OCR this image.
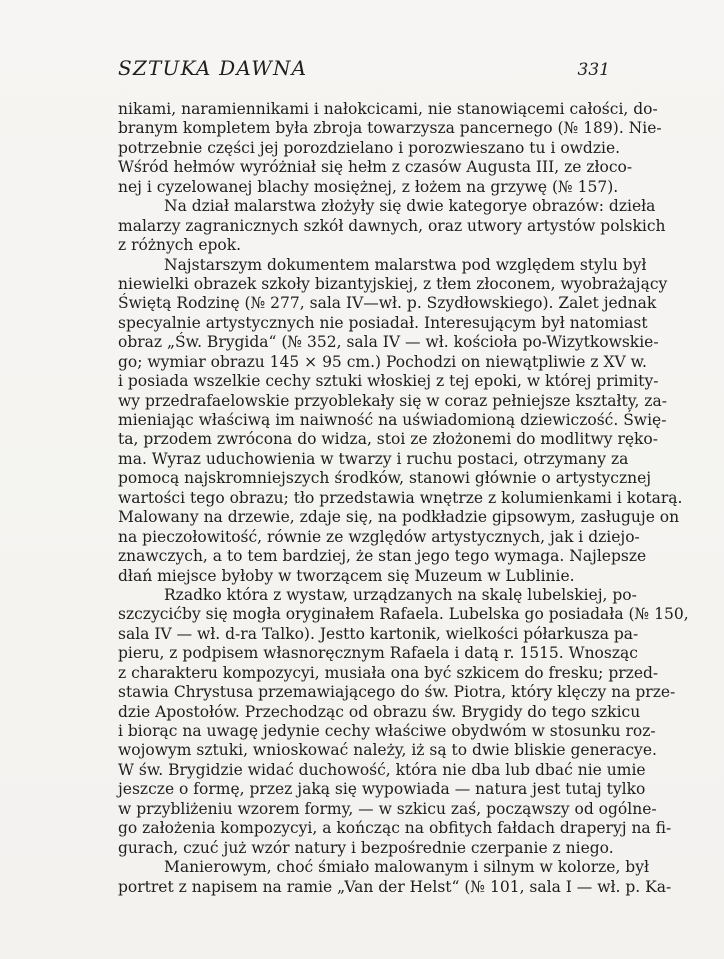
SZTUKA DAWNA	331
nikami, naramiennikami i nałokcicami, nie stanowiącemi całości, do-
branym kompletem była zbroja towarzysza pancernego (№ 189). Nie-
potrzebnie części jej porozdzielano i porozwieszano tu i owdzie.
Wśród hełmów wyróżniał się hełm z czasów Augusta III, ze złoco-
nej i cyzelowanej blachy mosiężnej, z łożem na grzywę (№ 157).
Na dział malarstwa złożyły się dwie kategorye obrazów: dzieła
malarzy zagranicznych szkół dawnych, oraz utwory artystów polskich
z różnych epok.
Najstarszym dokumentem malarstwa pod względem stylu był
niewielki obrazek szkoły bizantyjskiej, z tłem złoconem, wyobrażający
Świętą Rodzinę (№ 277, sala IV—wł. p. Szydłowskiego). Zalet jednak
specyalnie artystycznych nie posiadał. Interesującym był natomiast
obraz „Św. Brygida“ (№ 352, sala IV — wł. kościoła po-Wizytkowskie-
go; wymiar obrazu 145 × 95 cm.) Pochodzi on niewątpliwie z XV w.
i posiada wszelkie cechy sztuki włoskiej z tej epoki, w której primity-
wy przedrafaelowskie przyoblekały się w coraz pełniejsze kształty, za-
mieniając właściwą im naiwność na uświadomioną dziewiczość. Świę-
ta, przodem zwrócona do widza, stoi ze złożonemi do modlitwy ręko-
ma. Wyraz uduchowienia w twarzy i ruchu postaci, otrzymany za
pomocą najskromniejszych środków, stanowi głównie o artystycznej
wartości tego obrazu; tło przedstawia wnętrze z kolumienkami i kotarą.
Malowany na drzewie, zdaje się, na podkładzie gipsowym, zasługuje on
na pieczołowitość, równie ze względów artystycznych, jak i dziejo-
znawczych, a to tem bardziej, że stan jego tego wymaga. Najlepsze
dłań miejsce byłoby w tworzącem się Muzeum w Lublinie.
Rzadko która z wystaw, urządzanych na skalę lubelskiej, po-
szczycićby się mogła oryginałem Rafaela. Lubelska go posiadała (№ 150,
sala IV — wł. d-ra Talko). Jestto kartonik, wielkości półarkusza pa-
pieru, z podpisem własnoręcznym Rafaela i datą r. 1515. Wnosząc
z charakteru kompozycyi, musiała ona być szkicem do fresku; przed-
stawia Chrystusa przemawiającego do św. Piotra, który klęczy na prze-
dzie Apostołów. Przechodząc od obrazu św. Brygidy do tego szkicu
i biorąc na uwagę jedynie cechy właściwe obydwóm w stosunku roz-
wojowym sztuki, wnioskować należy, iż są to dwie bliskie generacye.
W św. Brygidzie widać duchowość, która nie dba lub dbać nie umie
jeszcze o formę, przez jaką się wypowiada — natura jest tutaj tylko
w przybliżeniu wzorem formy, — w szkicu zaś, począwszy od ogólne-
go założenia kompozycyi, a kończąc na obfitych fałdach draperyj na fi-
gurach, czuć już wzór natury i bezpośrednie czerpanie z niego.
Manierowym, choć śmiało malowanym i silnym w kolorze, był
portret z napisem na ramie „Van der Helst“ (№ 101, sala I — wł. p. Ka-
